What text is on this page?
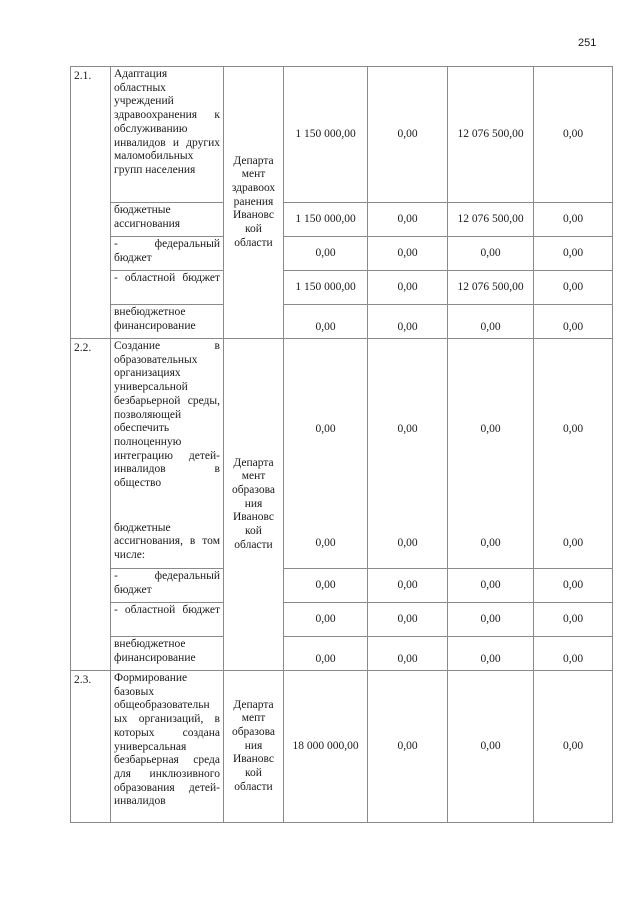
251
2.1.	Адаптация областных учреждений здравоохранения к обслуживанию инвалидов и других маломобильных групп населения	Департа мент здравоох ранения Ивановс кой области	1 150 000,00	0,00	12 076 500,00	0,00
	бюджетные ассигнования		1 150 000,00	0,00	12 076 500,00	0,00
	- федеральный бюджет		0,00	0,00	0,00	0,00
	- областной бюджет		1 150 000,00	0,00	12 076 500,00	0,00
	внебюджетное финансирование		0,00	0,00	0,00	0,00
2.2.	Создание в образовательных организациях универсальной безбарьерной среды, позволяющей обеспечить полноценную интеграцию детей-инвалидов в общество	Департа мент образова ния Ивановс кой области	0,00	0,00	0,00	0,00
	бюджетные ассигнования, в том числе:		0,00	0,00	0,00	0,00
	- федеральный бюджет		0,00	0,00	0,00	0,00
	- областной бюджет		0,00	0,00	0,00	0,00
	внебюджетное финансирование		0,00	0,00	0,00	0,00
2.3.	Формирование базовых общеобразовательн ых организаций, в которых создана универсальная безбарьерная среда для инклюзивного образования детей-инвалидов	Департа мепт образова ния Ивановс кой области	18 000 000,00	0,00	0,00	0,00
